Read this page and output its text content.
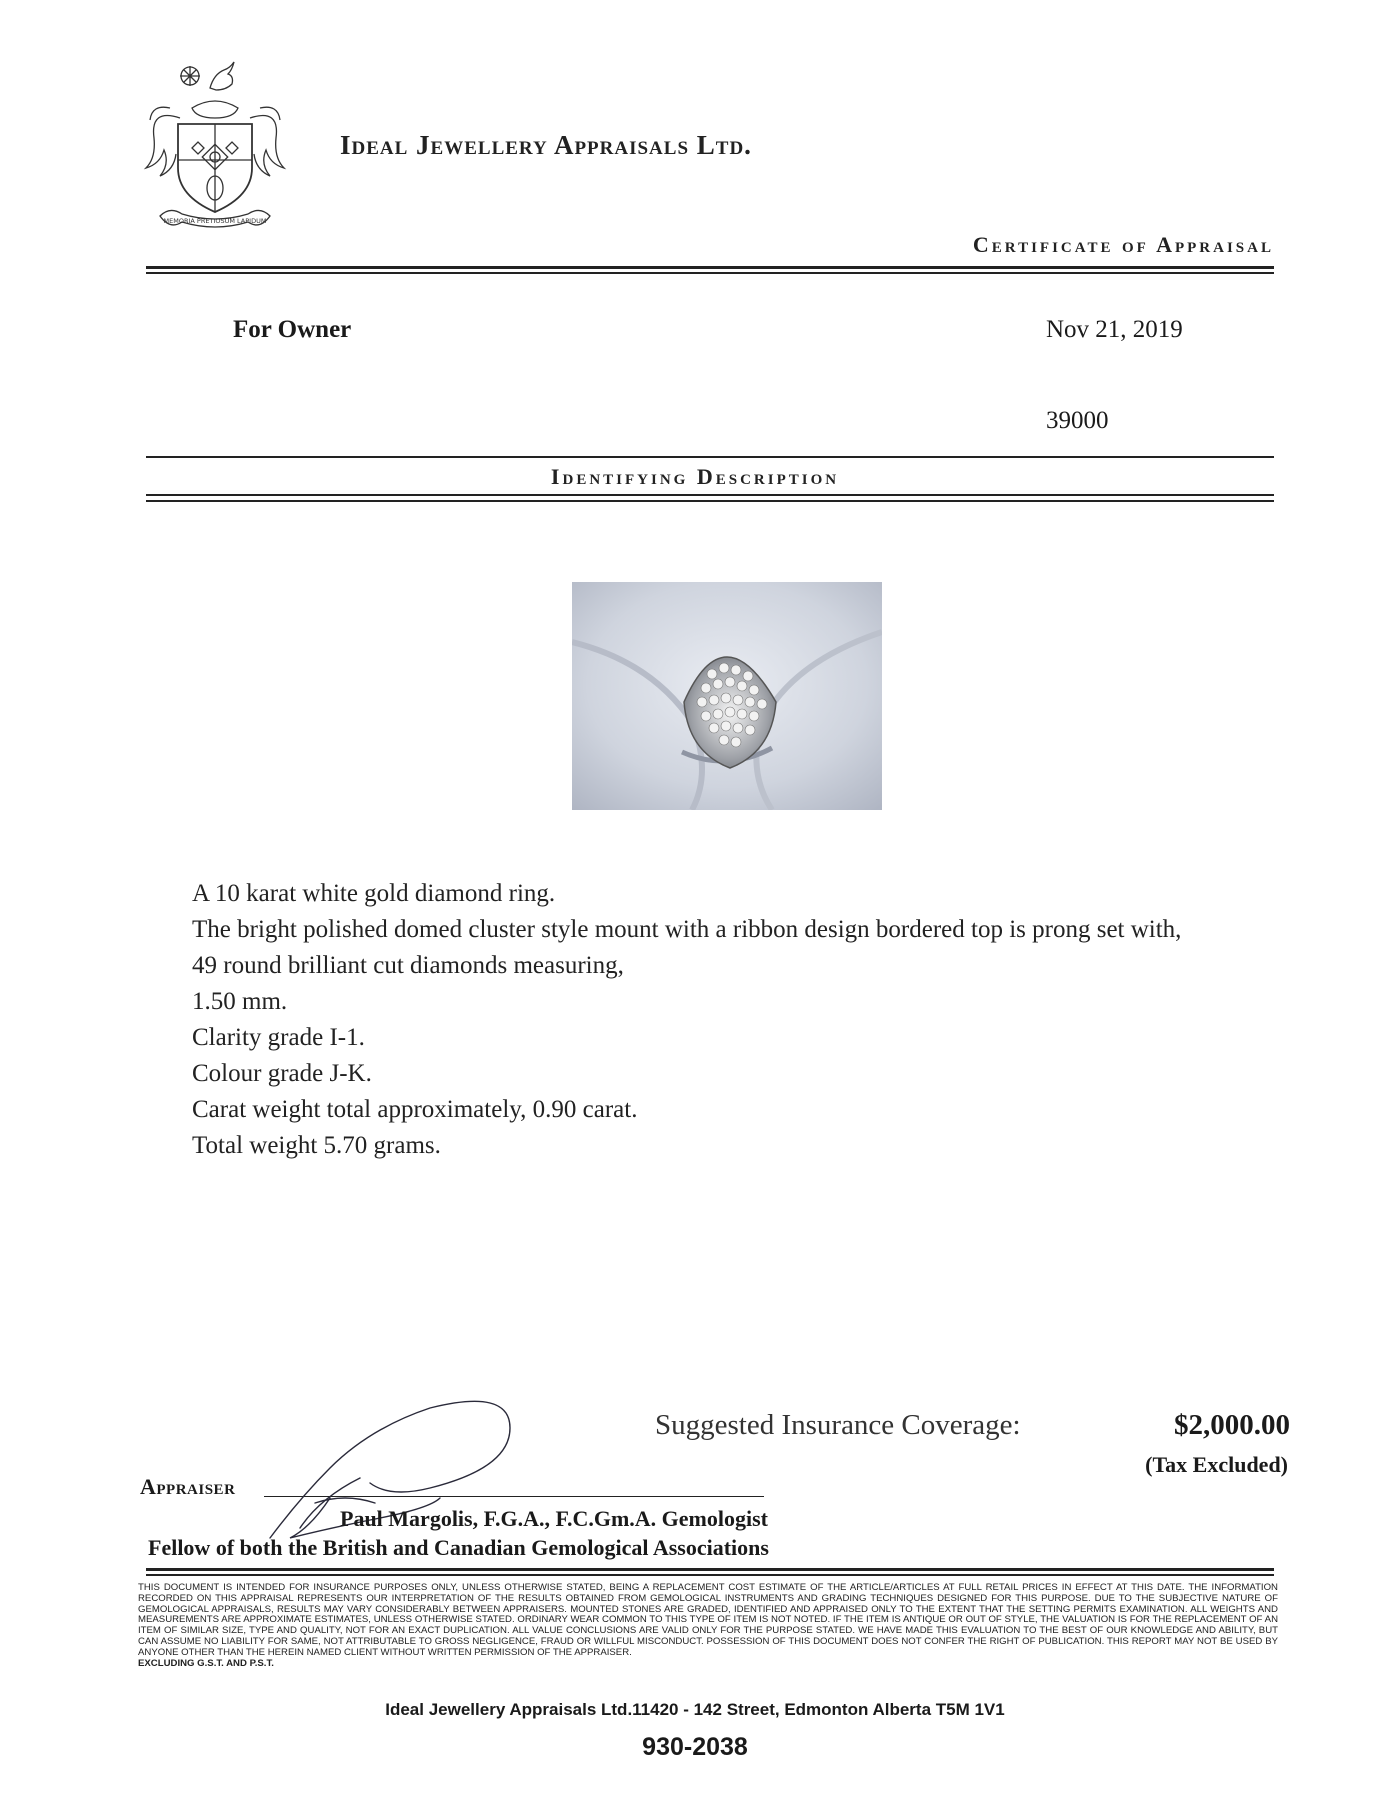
MEMORIA PRETIOSUM LAPIDUM
Ideal Jewellery Appraisals Ltd.
Certificate of Appraisal
For Owner	Nov 21, 2019
39000
Identifying Description
A 10 karat white gold diamond ring.
The bright polished domed cluster style mount with a ribbon design bordered top is prong set with,
49 round brilliant cut diamonds measuring,
1.50 mm.
Clarity grade I-1.
Colour grade J-K.
Carat weight total approximately, 0.90 carat.
Total weight 5.70 grams.
Suggested Insurance Coverage:	$2,000.00
(Tax Excluded)
Appraiser
Paul Margolis, F.G.A., F.C.Gm.A. Gemologist
Fellow of both the British and Canadian Gemological Associations
THIS DOCUMENT IS INTENDED FOR INSURANCE PURPOSES ONLY, UNLESS OTHERWISE STATED, BEING A REPLACEMENT COST ESTIMATE OF THE ARTICLE/ARTICLES AT FULL RETAIL PRICES IN EFFECT AT THIS DATE. THE INFORMATION RECORDED ON THIS APPRAISAL REPRESENTS OUR INTERPRETATION OF THE RESULTS OBTAINED FROM GEMOLOGICAL INSTRUMENTS AND GRADING TECHNIQUES DESIGNED FOR THIS PURPOSE. DUE TO THE SUBJECTIVE NATURE OF GEMOLOGICAL APPRAISALS, RESULTS MAY VARY CONSIDERABLY BETWEEN APPRAISERS. MOUNTED STONES ARE GRADED, IDENTIFIED AND APPRAISED ONLY TO THE EXTENT THAT THE SETTING PERMITS EXAMINATION. ALL WEIGHTS AND MEASUREMENTS ARE APPROXIMATE ESTIMATES, UNLESS OTHERWISE STATED. ORDINARY WEAR COMMON TO THIS TYPE OF ITEM IS NOT NOTED. IF THE ITEM IS ANTIQUE OR OUT OF STYLE, THE VALUATION IS FOR THE REPLACEMENT OF AN ITEM OF SIMILAR SIZE, TYPE AND QUALITY, NOT FOR AN EXACT DUPLICATION. ALL VALUE CONCLUSIONS ARE VALID ONLY FOR THE PURPOSE STATED. WE HAVE MADE THIS EVALUATION TO THE BEST OF OUR KNOWLEDGE AND ABILITY, BUT CAN ASSUME NO LIABILITY FOR SAME, NOT ATTRIBUTABLE TO GROSS NEGLIGENCE, FRAUD OR WILLFUL MISCONDUCT. POSSESSION OF THIS DOCUMENT DOES NOT CONFER THE RIGHT OF PUBLICATION. THIS REPORT MAY NOT BE USED BY ANYONE OTHER THAN THE HEREIN NAMED CLIENT WITHOUT WRITTEN PERMISSION OF THE APPRAISER.
EXCLUDING G.S.T. AND P.S.T.
Ideal Jewellery Appraisals Ltd.11420 - 142 Street, Edmonton Alberta T5M 1V1
930-2038
